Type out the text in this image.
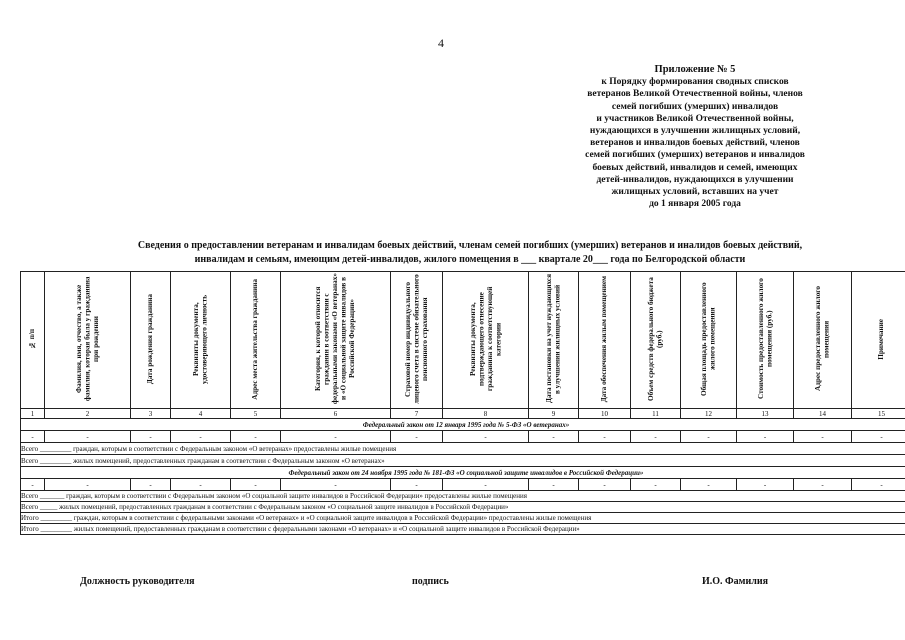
4
Приложение № 5
к Порядку формирования сводных списков
ветеранов Великой Отечественной войны, членов
семей погибших (умерших) инвалидов
и участников Великой Отечественной войны,
нуждающихся в улучшении жилищных условий,
ветеранов и инвалидов боевых действий, членов
семей погибших (умерших) ветеранов и инвалидов
боевых действий, инвалидов и семей, имеющих
детей-инвалидов, нуждающихся в улучшении
жилищных условий, вставших на учет
до 1 января 2005 года
Сведения о предоставлении ветеранам и инвалидам боевых действий, членам семей погибших (умерших) ветеранов и иналидов боевых действий,
инвалидам и семьям, имеющим детей-инвалидов, жилого помещения в ___ квартале 20___ года по Белгородской области
№ п/п	Фамилия, имя, отчество, а также фамилия, которая была у гражданина при рождении	Дата рождения гражданина	Реквизиты документа, удостоверяющего личность	Адрес места жительства гражданина	Категория, к которой относится гражданин в соответствии с федеральными законами «О ветеранах» и «О социальной защите инвалидов в Российской Федерации»	Страховой номер индивидуального лицевого счета в системе обязательного пенсионного страхования	Реквизиты документа, подтверждающего отнесение гражданина к соответствующей категории	Дата постановки на учет нуждающихся в улучшении жилищных условий	Дата обеспечения жилым помещением	Объем средств федерального бюджета (руб.)	Общая площадь предоставленного жилого помещения	Стоимость предоставленного жилого помещения (руб.)	Адрес предоставленного жилого помещения	Примечание
1	2	3	4	5	6	7	8	9	10	11	12	13	14	15
Федеральный закон от 12 января 1995 года № 5-ФЗ «О ветеранах»														
-	-	-	-	-	-	-	-	-	-	-	-	-	-	-
Всего _________ граждан, которым в соответствии с Федеральным законом «О ветеранах» предоставлены жилые помещения														
Всего _________ жилых помещений, предоставленных гражданам в соответствии с Федеральным законом «О ветеранах»														
Федеральный закон от 24 ноября 1995 года № 181-ФЗ «О социальной защите инвалидов в Российской Федерации»														
-	-	-	-	-	-	-	-	-	-	-	-	-	-	-
Всего _______ граждан, которым в соответствии с Федеральным законом «О социальной защите инвалидов в Российской Федерации» предоставлены жилые помещения														
Всего _____ жилых помещений, предоставленных гражданам в соответствии с Федеральным законом «О социальной защите инвалидов в Российской Федерации»														
Итого _________ граждан, которым в соответствии с федеральными законами «О ветеранах» и «О социальной защите инвалидов в Российской Федерации» предоставлены жилые помещения														
Итого _________ жилых помещений, предоставленных гражданам в соответствии с федеральными законами «О ветеранах» и «О социальной защите инвалидов в Российской Федерации»														
Должность руководителя	подпись	И.О. Фамилия
